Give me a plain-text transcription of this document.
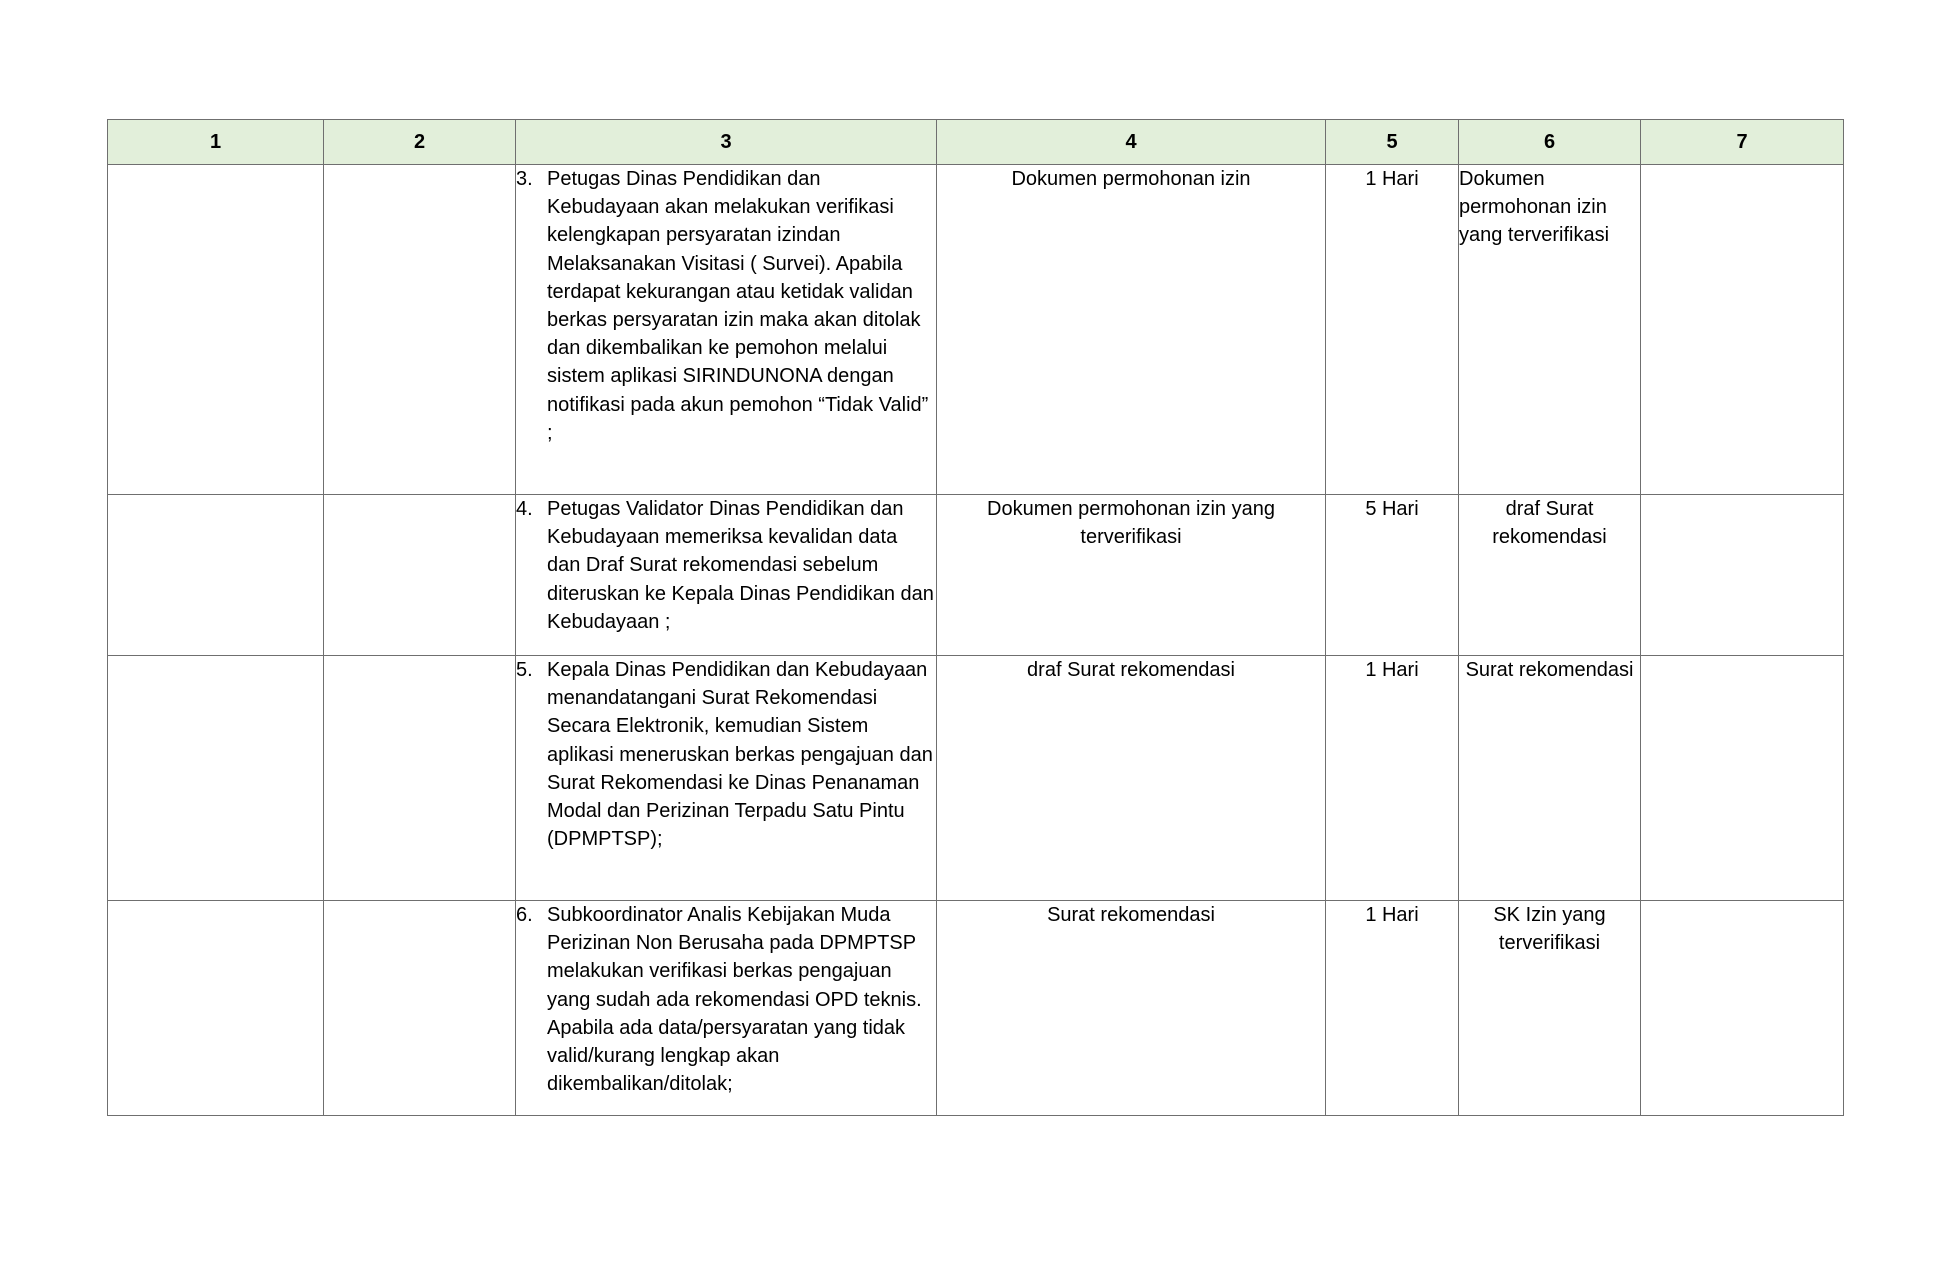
1	2	3	4	5	6	7

		3. Petugas Dinas Pendidikan dan Kebudayaan akan melakukan verifikasi kelengkapan persyaratan izindan Melaksanakan Visitasi ( Survei). Apabila terdapat kekurangan atau ketidak validan berkas persyaratan izin maka akan ditolak dan dikembalikan ke pemohon melalui sistem aplikasi SIRINDUNONA dengan notifikasi pada akun pemohon “Tidak Valid” ;	Dokumen permohonan izin	1 Hari	Dokumen permohonan izin yang terverifikasi	

		4. Petugas Validator Dinas Pendidikan dan Kebudayaan memeriksa kevalidan data dan Draf Surat rekomendasi sebelum diteruskan ke Kepala Dinas Pendidikan dan Kebudayaan ;	Dokumen permohonan izin yang terverifikasi	5 Hari	draf Surat rekomendasi	

		5. Kepala Dinas Pendidikan dan Kebudayaan menandatangani Surat Rekomendasi Secara Elektronik, kemudian Sistem aplikasi meneruskan berkas pengajuan dan Surat Rekomendasi ke Dinas Penanaman Modal dan Perizinan Terpadu Satu Pintu (DPMPTSP);	draf Surat rekomendasi	1 Hari	Surat rekomendasi	

		6. Subkoordinator Analis Kebijakan Muda Perizinan Non Berusaha pada DPMPTSP melakukan verifikasi berkas pengajuan yang sudah ada rekomendasi OPD teknis. Apabila ada data/persyaratan yang tidak valid/kurang lengkap akan dikembalikan/ditolak;	Surat rekomendasi	1 Hari	SK Izin yang terverifikasi	
